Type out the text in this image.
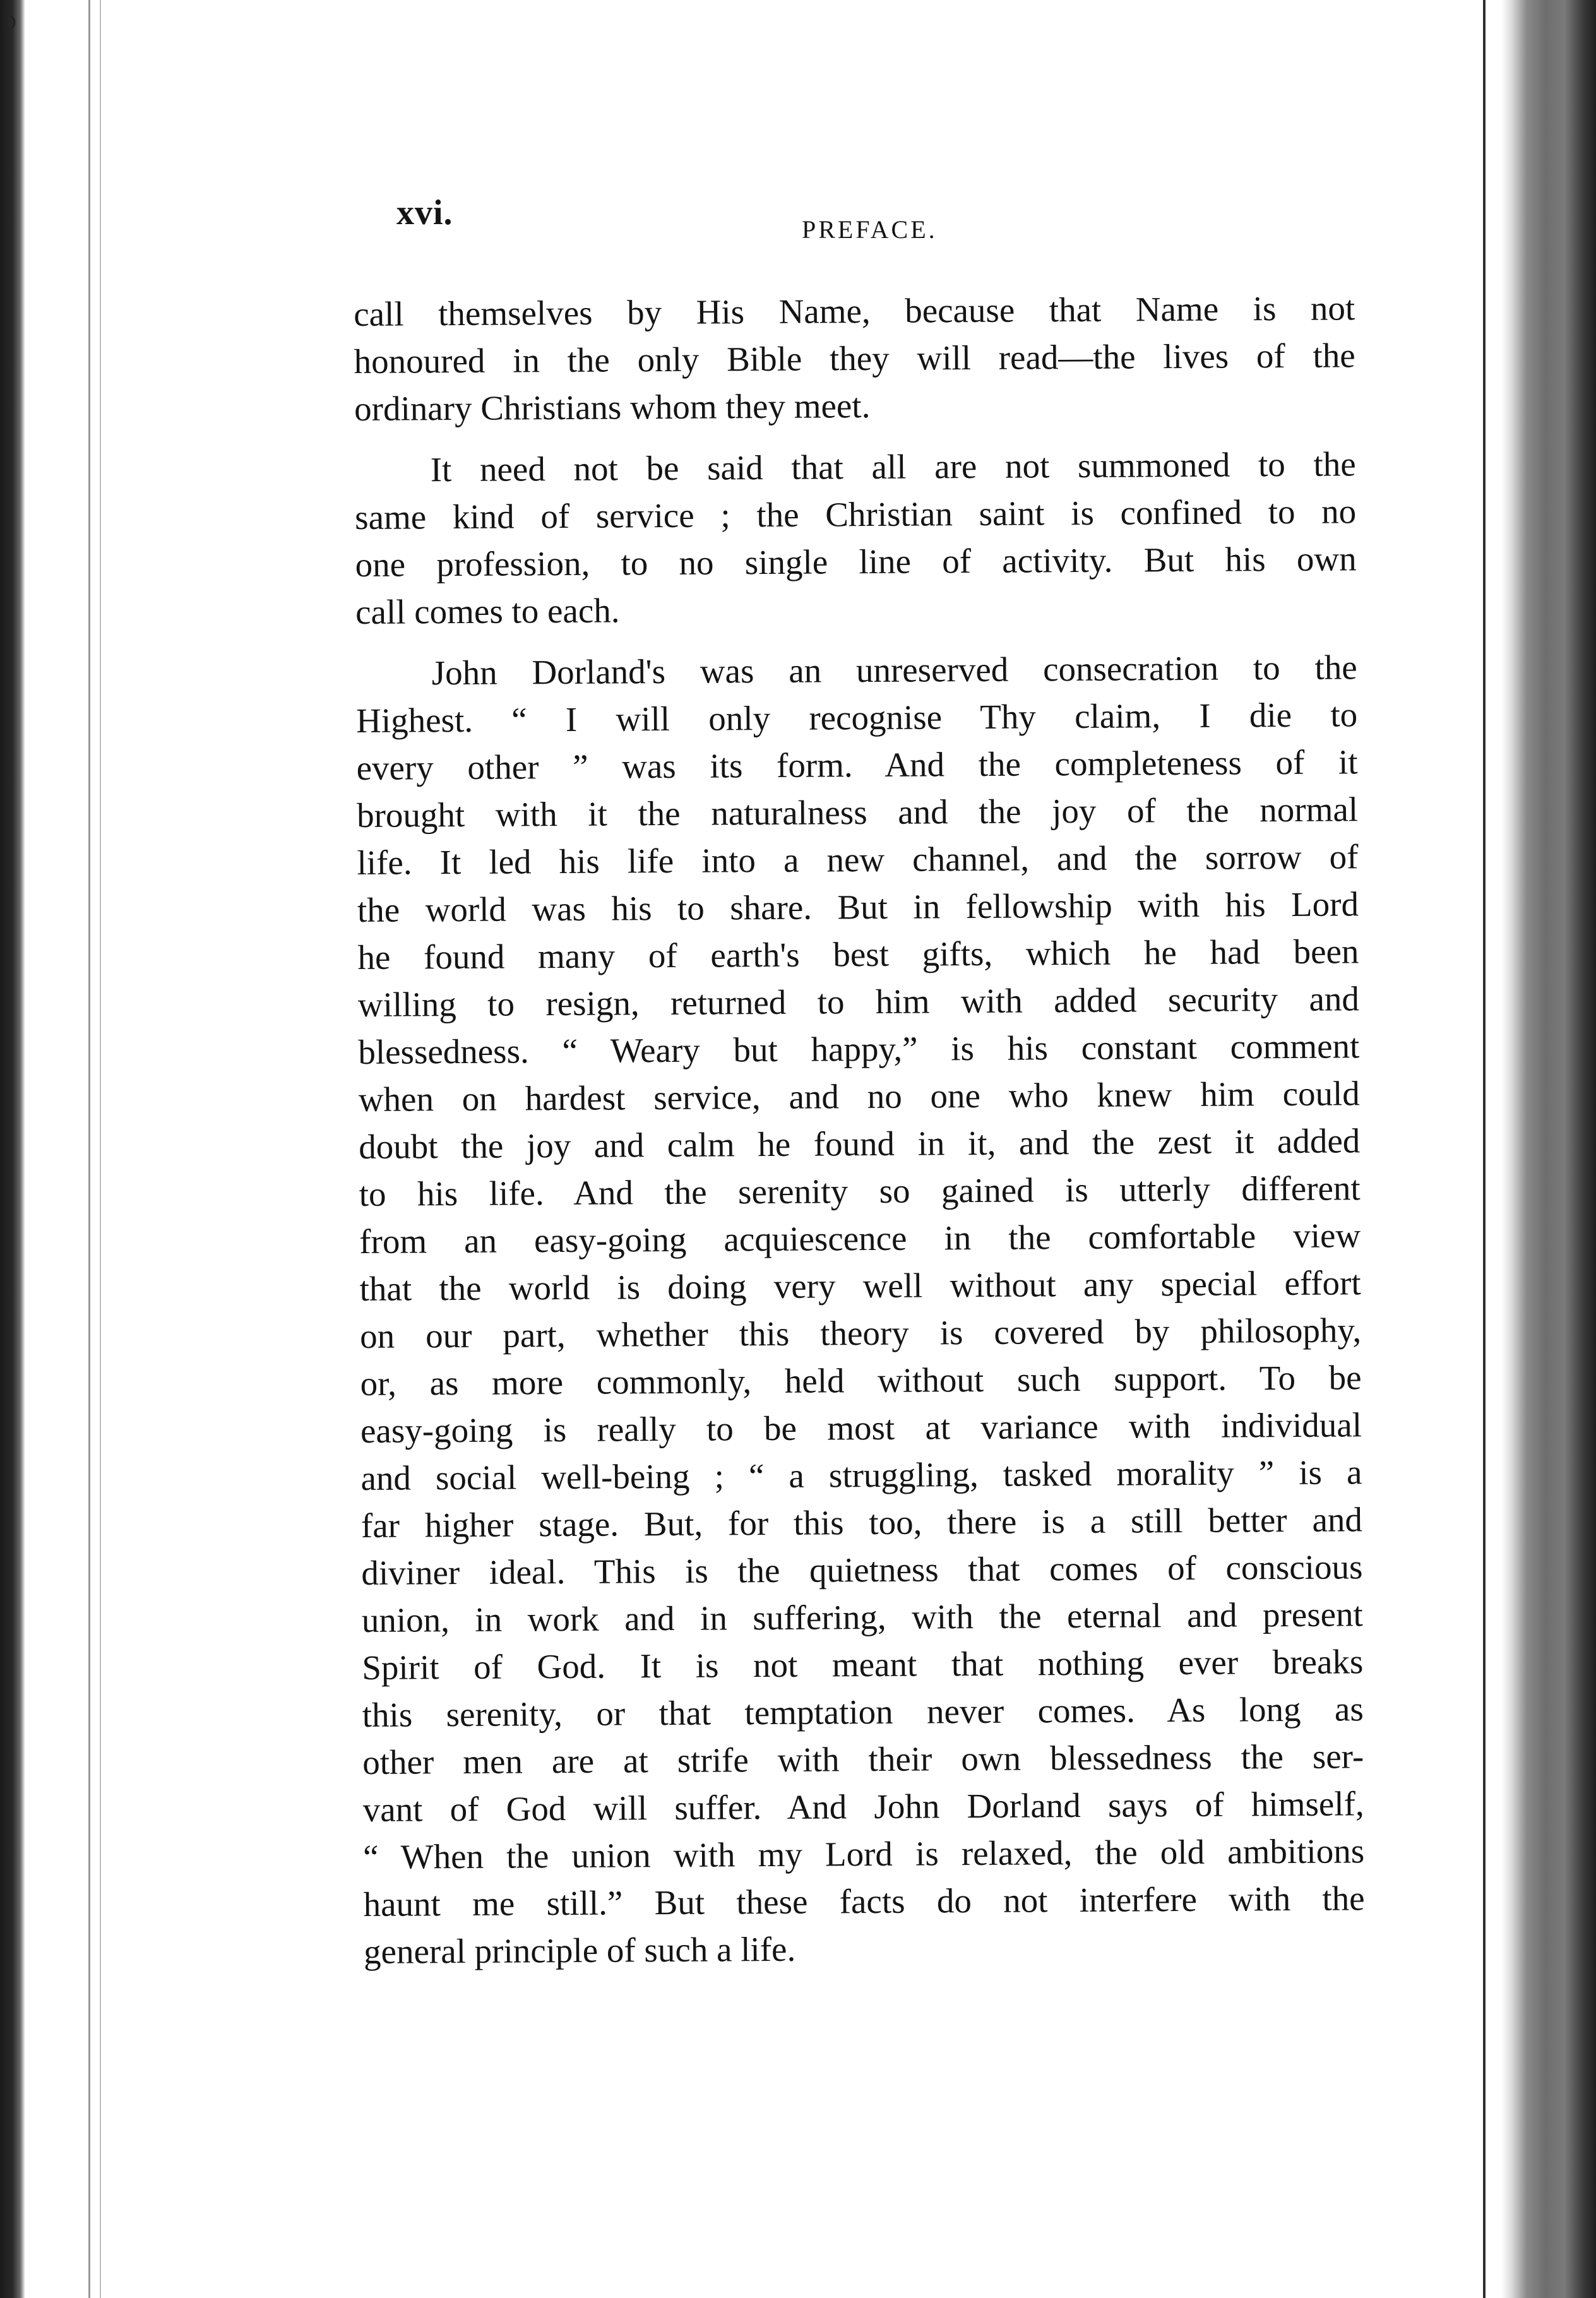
b
xvi.	PREFACE.

call themselves by His Name, because that Name is not
honoured in the only Bible they will read—the lives of the
ordinary Christians whom they meet.

It need not be said that all are not summoned to the
same kind of service ; the Christian saint is confined to no
one profession, to no single line of activity. But his own
call comes to each.

John Dorland's was an unreserved consecration to the
Highest. “ I will only recognise Thy claim, I die to
every other ” was its form. And the completeness of it
brought with it the naturalness and the joy of the normal
life. It led his life into a new channel, and the sorrow of
the world was his to share. But in fellowship with his Lord
he found many of earth's best gifts, which he had been
willing to resign, returned to him with added security and
blessedness. “ Weary but happy,” is his constant comment
when on hardest service, and no one who knew him could
doubt the joy and calm he found in it, and the zest it added
to his life. And the serenity so gained is utterly different
from an easy-going acquiescence in the comfortable view
that the world is doing very well without any special effort
on our part, whether this theory is covered by philosophy,
or, as more commonly, held without such support. To be
easy-going is really to be most at variance with individual
and social well-being ; “ a struggling, tasked morality ” is a
far higher stage. But, for this too, there is a still better and
diviner ideal. This is the quietness that comes of conscious
union, in work and in suffering, with the eternal and present
Spirit of God. It is not meant that nothing ever breaks
this serenity, or that temptation never comes. As long as
other men are at strife with their own blessedness the ser-
vant of God will suffer. And John Dorland says of himself,
“ When the union with my Lord is relaxed, the old ambitions
haunt me still.” But these facts do not interfere with the
general principle of such a life.
